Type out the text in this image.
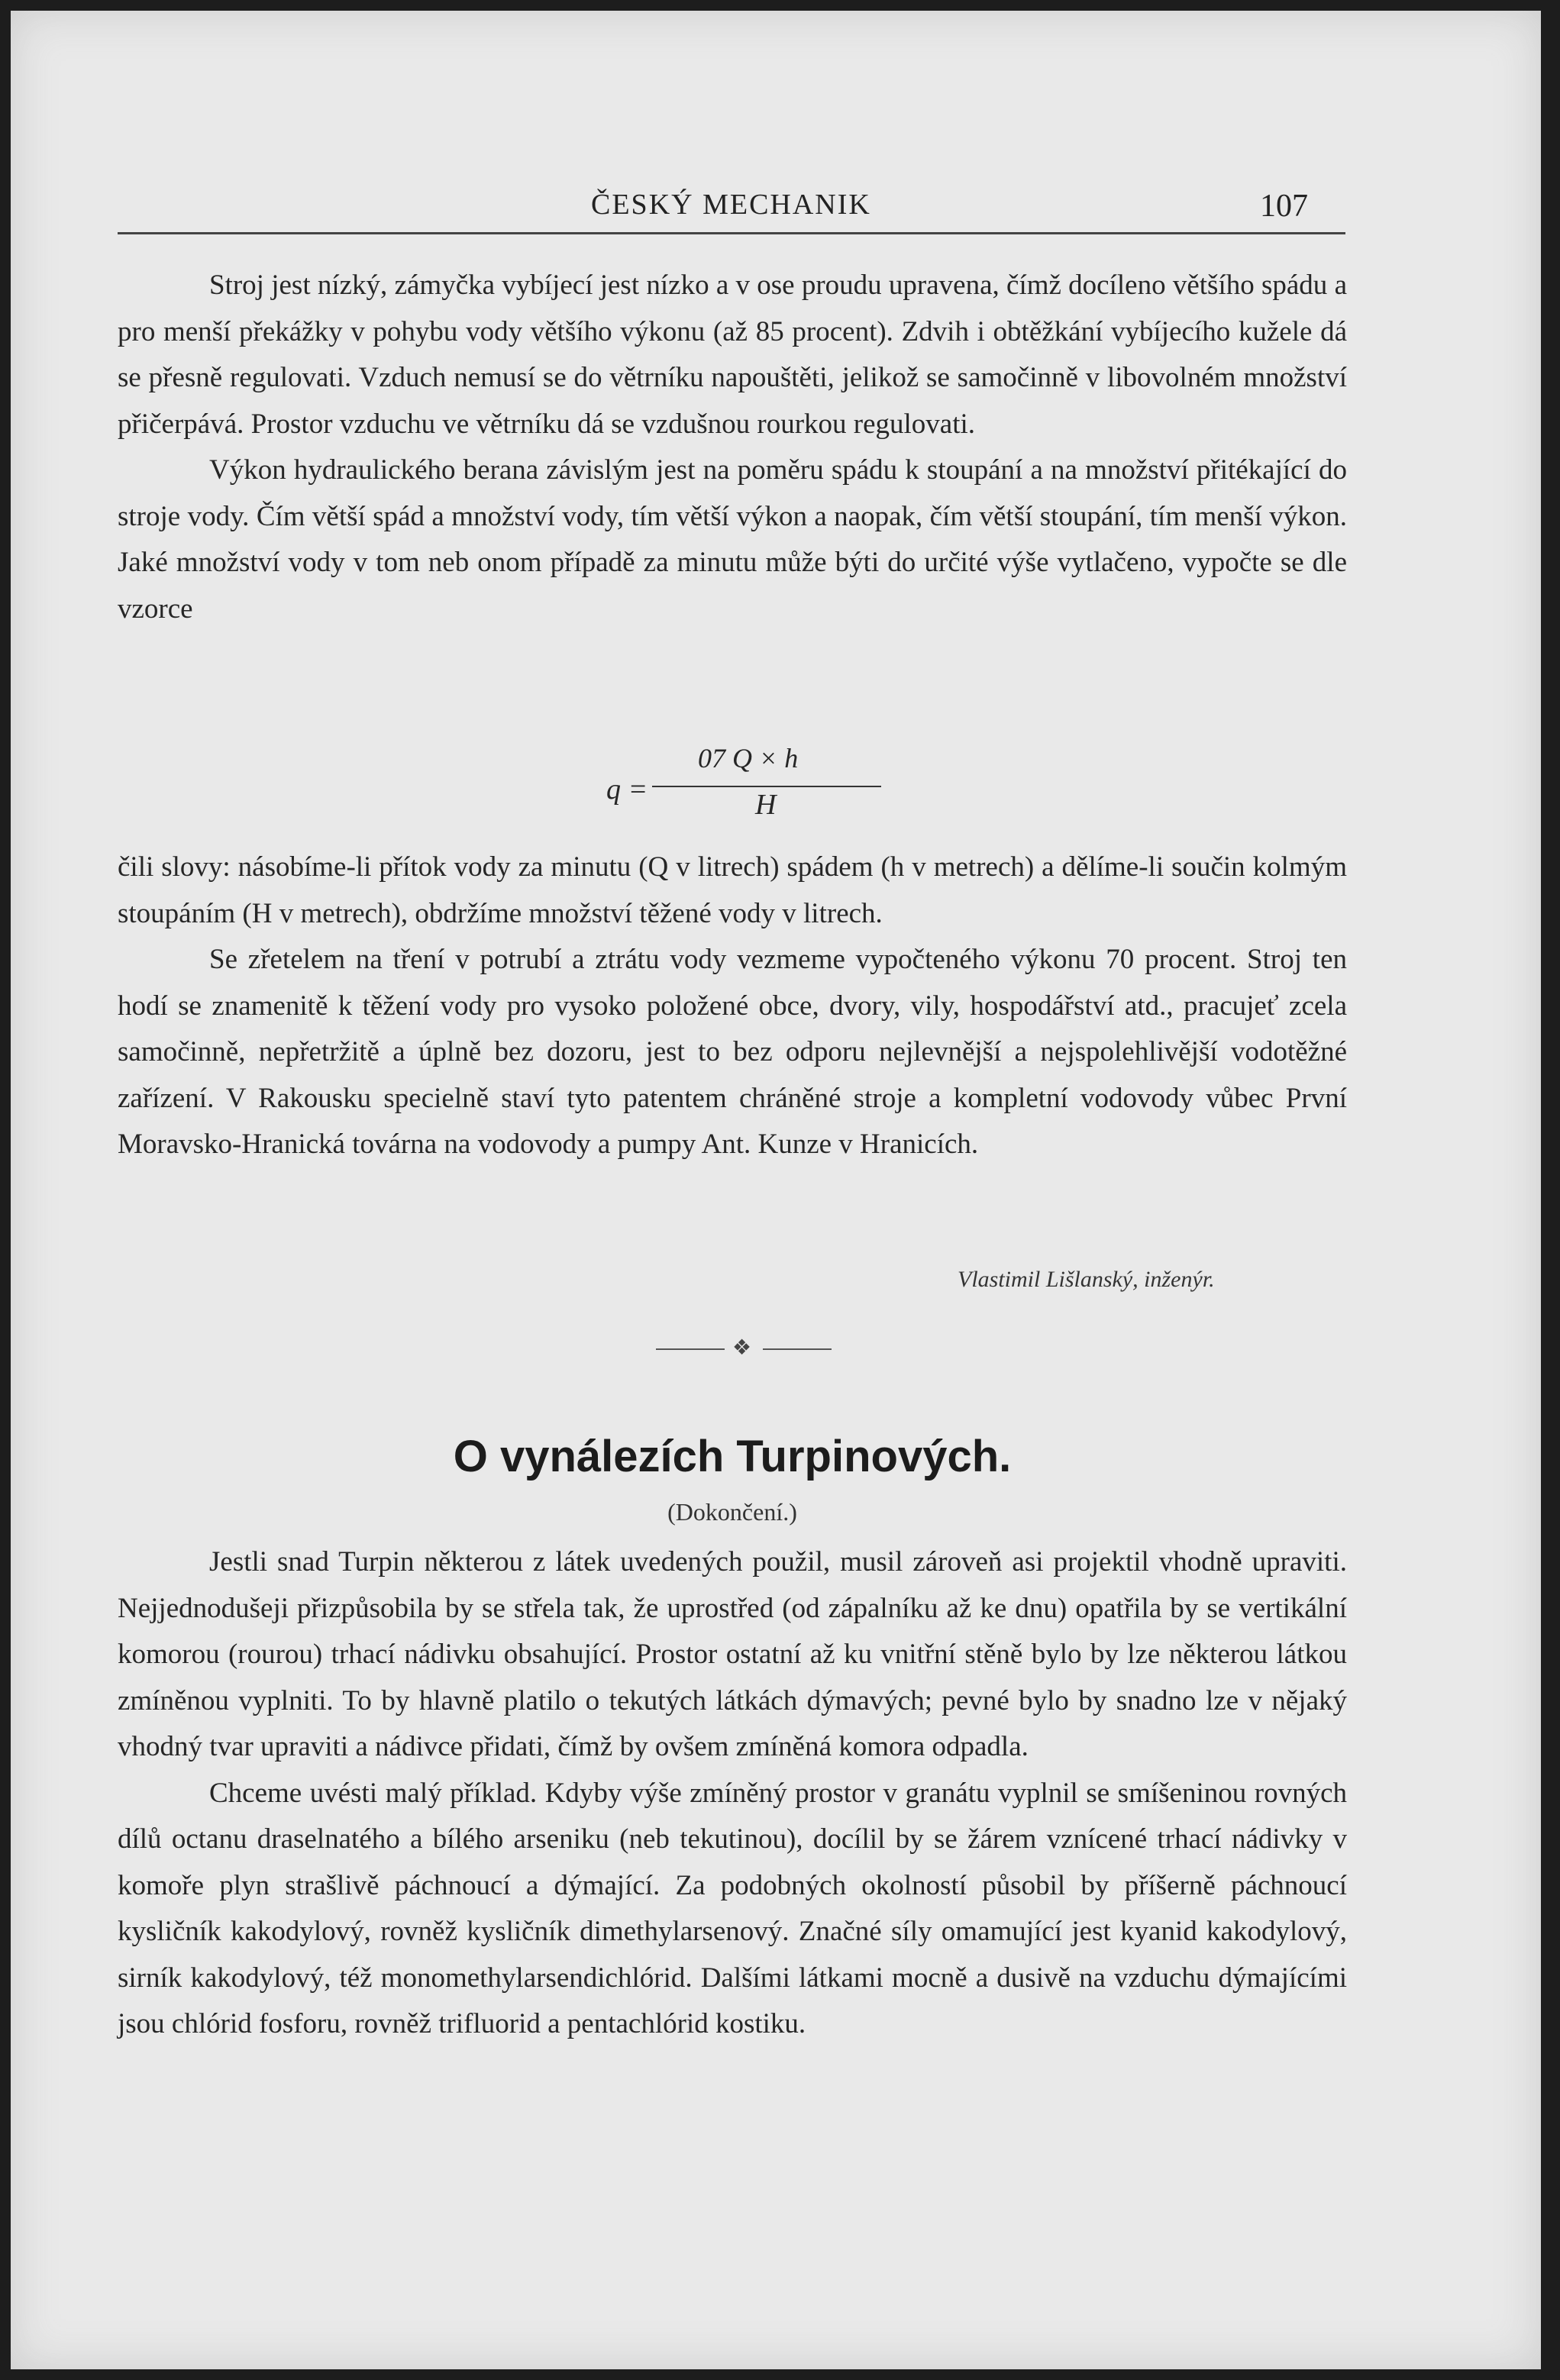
ČESKÝ MECHANIK	107

Stroj jest nízký, zámyčka vybíjecí jest nízko a v ose proudu upravena, čímž docíleno většího spádu a pro menší překážky v pohybu vody většího výkonu (až 85 procent). Zdvih i obtěžkání vybíjecího kužele dá se přesně regulovati. Vzduch nemusí se do větrníku napouštěti, jelikož se samočinně v libovolném množství přičerpává. Prostor vzduchu ve větrníku dá se vzdušnou rourkou regulovati.

Výkon hydraulického berana závislým jest na poměru spádu k stoupání a na množství přitékající do stroje vody. Čím větší spád a množství vody, tím větší výkon a naopak, čím větší stoupání, tím menší výkon. Jaké množství vody v tom neb onom případě za minutu může býti do určité výše vytlačeno, vypočte se dle vzorce

q =
07 Q × h
H

čili slovy: násobíme-li přítok vody za minutu (Q v litrech) spádem (h v metrech) a dělíme-li součin kolmým stoupáním (H v metrech), obdržíme množství těžené vody v litrech.

Se zřetelem na tření v potrubí a ztrátu vody vezmeme vypočteného výkonu 70 procent. Stroj ten hodí se znamenitě k těžení vody pro vysoko položené obce, dvory, vily, hospodářství atd., pracujeť zcela samočinně, nepřetržitě a úplně bez dozoru, jest to bez odporu nejlevnější a nejspolehlivější vodotěžné zařízení. V Rakousku specielně staví tyto patentem chráněné stroje a kompletní vodovody vůbec První Moravsko-Hranická továrna na vodovody a pumpy Ant. Kunze v Hranicích.

Vlastimil Lišlanský, inženýr.
❖
O vynálezích Turpinových.
(Dokončení.)

Jestli snad Turpin některou z látek uvedených použil, musil zároveň asi projektil vhodně upraviti. Nejjednodušeji přizpůsobila by se střela tak, že uprostřed (od zápalníku až ke dnu) opatřila by se vertikální komorou (rourou) trhací nádivku obsahující. Prostor ostatní až ku vnitřní stěně bylo by lze některou látkou zmíněnou vyplniti. To by hlavně platilo o tekutých látkách dýmavých; pevné bylo by snadno lze v nějaký vhodný tvar upraviti a nádivce přidati, čímž by ovšem zmíněná komora odpadla.

Chceme uvésti malý příklad. Kdyby výše zmíněný prostor v granátu vyplnil se smíšeninou rovných dílů octanu draselnatého a bílého arseniku (neb tekutinou), docílil by se žárem vznícené trhací nádivky v komoře plyn strašlivě páchnoucí a dýmající. Za podobných okolností působil by příšerně páchnoucí kysličník kakodylový, rovněž kysličník dimethylarsenový. Značné síly omamující jest kyanid kakodylový, sirník kakodylový, též monomethylarsendichlórid. Dalšími látkami mocně a dusivě na vzduchu dýmajícími jsou chlórid fosforu, rovněž trifluorid a pentachlórid kostiku.
